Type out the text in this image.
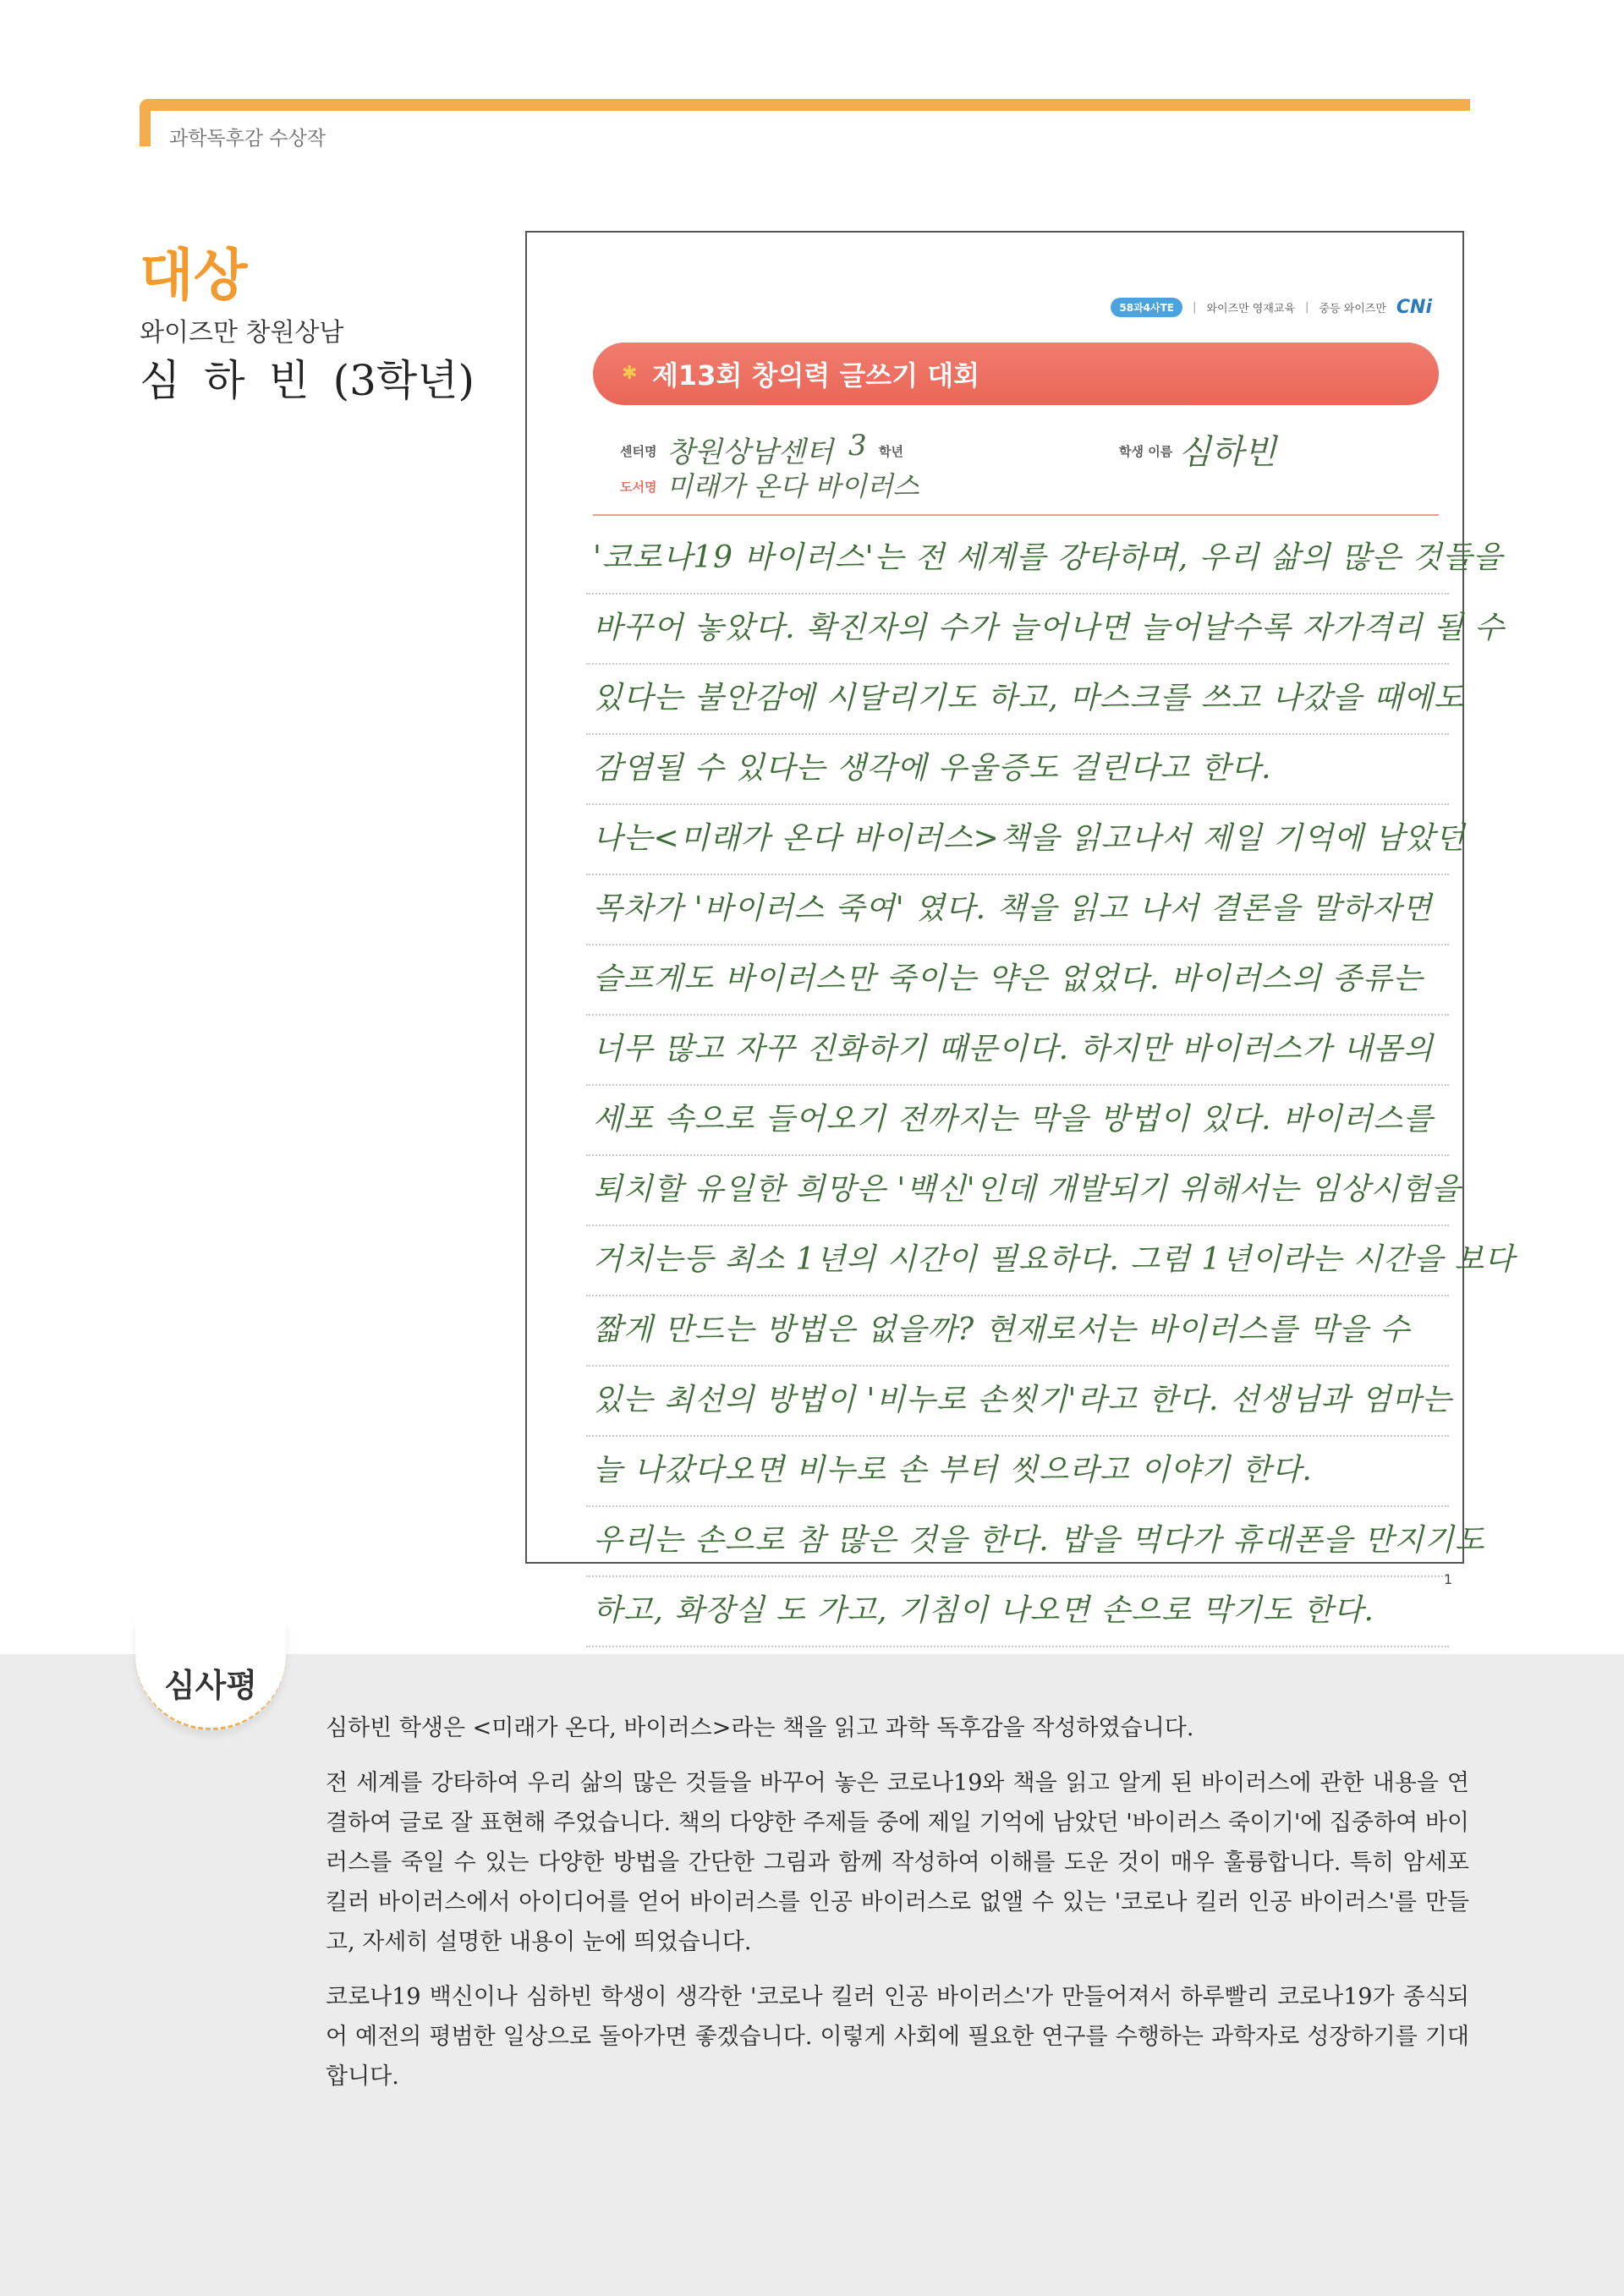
과학독후감 수상작
대상
와이즈만 창원상남
심 하 빈 (3학년)
58과4사TE	| 와이즈만 영재교육 | 중등 와이즈만 CNi
✱ 제13회 창의력 글쓰기 대회
센터명 창원상남센터 3 학년	학생 이름 심하빈
도서명 미래가 온다 바이러스
'코로나19 바이러스'는 전 세계를 강타하며, 우리 삶의 많은 것들을
바꾸어 놓았다. 확진자의 수가 늘어나면 늘어날수록 자가격리 될 수
있다는 불안감에 시달리기도 하고, 마스크를 쓰고 나갔을 때에도
감염될 수 있다는 생각에 우울증도 걸린다고 한다.
나는<미래가 온다 바이러스>책을 읽고나서 제일 기억에 남았던
목차가 '바이러스 죽여' 였다. 책을 읽고 나서 결론을 말하자면
슬프게도 바이러스만 죽이는 약은 없었다. 바이러스의 종류는
너무 많고 자꾸 진화하기 때문이다. 하지만 바이러스가 내몸의
세포 속으로 들어오기 전까지는 막을 방법이 있다. 바이러스를
퇴치할 유일한 희망은 '백신'인데 개발되기 위해서는 임상시험을
거치는등 최소 1년의 시간이 필요하다. 그럼 1년이라는 시간을 보다
짧게 만드는 방법은 없을까? 현재로서는 바이러스를 막을 수
있는 최선의 방법이 '비누로 손씻기'라고 한다. 선생님과 엄마는
늘 나갔다오면 비누로 손 부터 씻으라고 이야기 한다.
우리는 손으로 참 많은 것을 한다. 밥을 먹다가 휴대폰을 만지기도
하고, 화장실 도 가고, 기침이 나오면 손으로 막기도 한다.
1
심사평

심하빈 학생은 <미래가 온다, 바이러스>라는 책을 읽고 과학 독후감을 작성하였습니다.

전 세계를 강타하여 우리 삶의 많은 것들을 바꾸어 놓은 코로나19와 책을 읽고 알게 된 바이러스에 관한 내용을 연결하여 글로 잘 표현해 주었습니다. 책의 다양한 주제들 중에 제일 기억에 남았던 '바이러스 죽이기'에 집중하여 바이러스를 죽일 수 있는 다양한 방법을 간단한 그림과 함께 작성하여 이해를 도운 것이 매우 훌륭합니다. 특히 암세포 킬러 바이러스에서 아이디어를 얻어 바이러스를 인공 바이러스로 없앨 수 있는 '코로나 킬러 인공 바이러스'를 만들고, 자세히 설명한 내용이 눈에 띄었습니다.

코로나19 백신이나 심하빈 학생이 생각한 '코로나 킬러 인공 바이러스'가 만들어져서 하루빨리 코로나19가 종식되어 예전의 평범한 일상으로 돌아가면 좋겠습니다. 이렇게 사회에 필요한 연구를 수행하는 과학자로 성장하기를 기대합니다.
